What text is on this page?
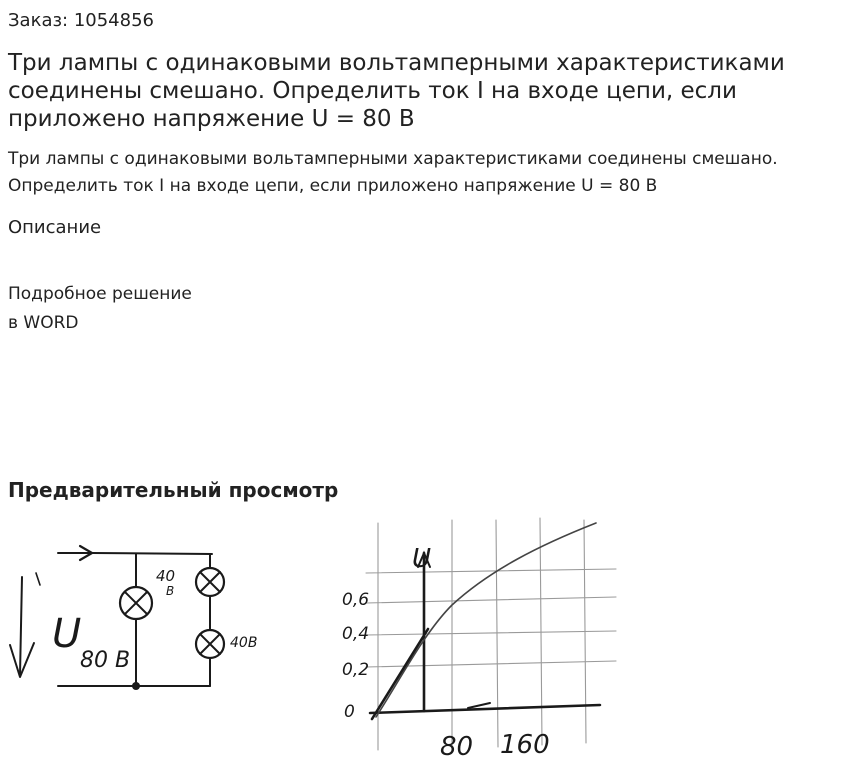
Заказ: 1054856
Три лампы с одинаковыми вольтамперными характеристиками соединены смешано. Определить ток I на входе цепи, если приложено напряжение U = 80 В

Три лампы с одинаковыми вольтамперными характеристиками соединены смешано. Определить ток I на входе цепи, если приложено напряжение U = 80 В

Описание
Подробное решение
в WORD
Предварительный просмотр
U
80 B
40
B
40B
U
0,6
0,4
0,2
0
80 160
